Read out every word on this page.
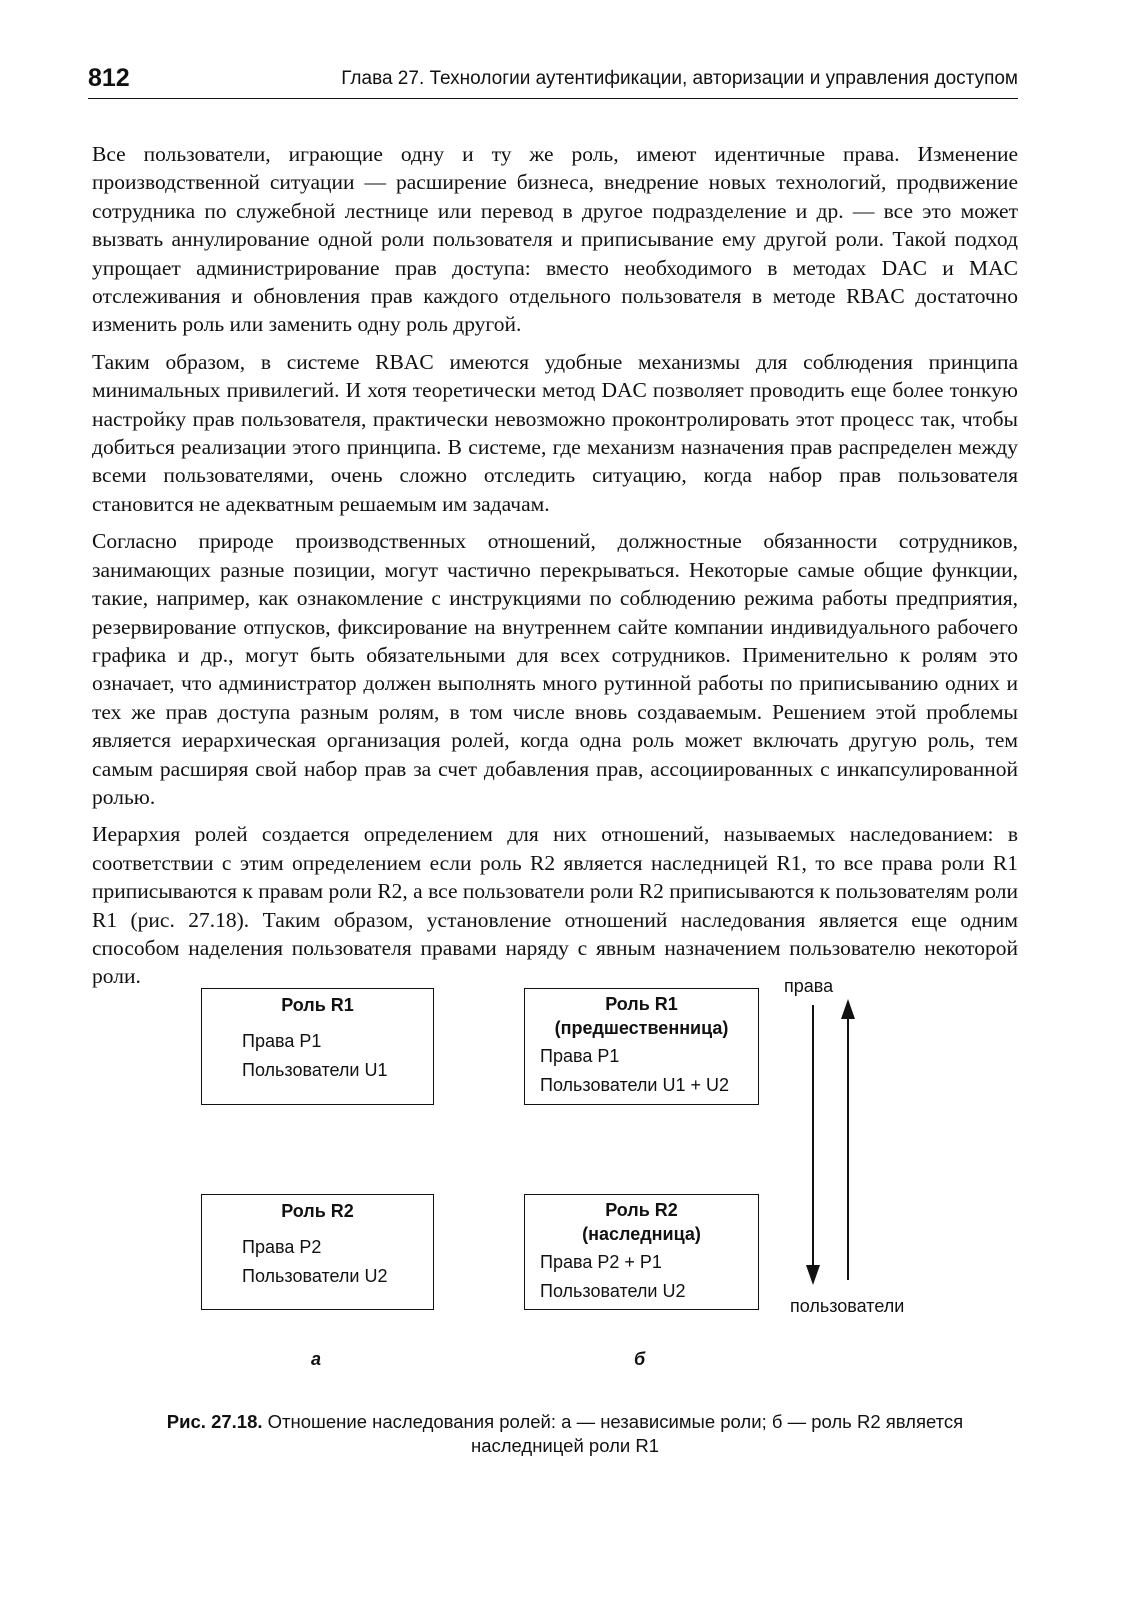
812	Глава 27. Технологии аутентификации, авторизации и управления доступом

Все пользователи, играющие одну и ту же роль, имеют идентичные права. Изменение производственной ситуации — расширение бизнеса, внедрение новых технологий, продвижение сотрудника по служебной лестнице или перевод в другое подразделение и др. — все это может вызвать аннулирование одной роли пользователя и приписывание ему другой роли. Такой подход упрощает администрирование прав доступа: вместо необходимого в методах DAC и MAC отслеживания и обновления прав каждого отдельного пользователя в методе RBAC достаточно изменить роль или заменить одну роль другой.

Таким образом, в системе RBAC имеются удобные механизмы для соблюдения принципа минимальных привилегий. И хотя теоретически метод DAC позволяет проводить еще более тонкую настройку прав пользователя, практически невозможно проконтролировать этот процесс так, чтобы добиться реализации этого принципа. В системе, где механизм назначения прав распределен между всеми пользователями, очень сложно отследить ситуацию, когда набор прав пользователя становится не адекватным решаемым им задачам.

Согласно природе производственных отношений, должностные обязанности сотрудников, занимающих разные позиции, могут частично перекрываться. Некоторые самые общие функции, такие, например, как ознакомление с инструкциями по соблюдению режима работы предприятия, резервирование отпусков, фиксирование на внутреннем сайте компании индивидуального рабочего графика и др., могут быть обязательными для всех сотрудников. Применительно к ролям это означает, что администратор должен выполнять много рутинной работы по приписыванию одних и тех же прав доступа разным ролям, в том числе вновь создаваемым. Решением этой проблемы является иерархическая организация ролей, когда одна роль может включать другую роль, тем самым расширяя свой набор прав за счет добавления прав, ассоциированных с инкапсулированной ролью.

Иерархия ролей создается определением для них отношений, называемых наследованием: в соответствии с этим определением если роль R2 является наследницей R1, то все права роли R1 приписываются к правам роли R2, а все пользователи роли R2 приписываются к пользователям роли R1 (рис. 27.18). Таким образом, установление отношений наследования является еще одним способом наделения пользователя правами наряду с явным назначением пользователю некоторой роли.

Роль R1
Права P1
Пользователи U1
Роль R2
Права P2
Пользователи U2
Роль R1
(предшественница)
Права P1
Пользователи U1 + U2
Роль R2
(наследница)
Права P2 + P1
Пользователи U2
права
пользователи
а	б
Рис. 27.18. Отношение наследования ролей: а — независимые роли; б — роль R2 является наследницей роли R1
